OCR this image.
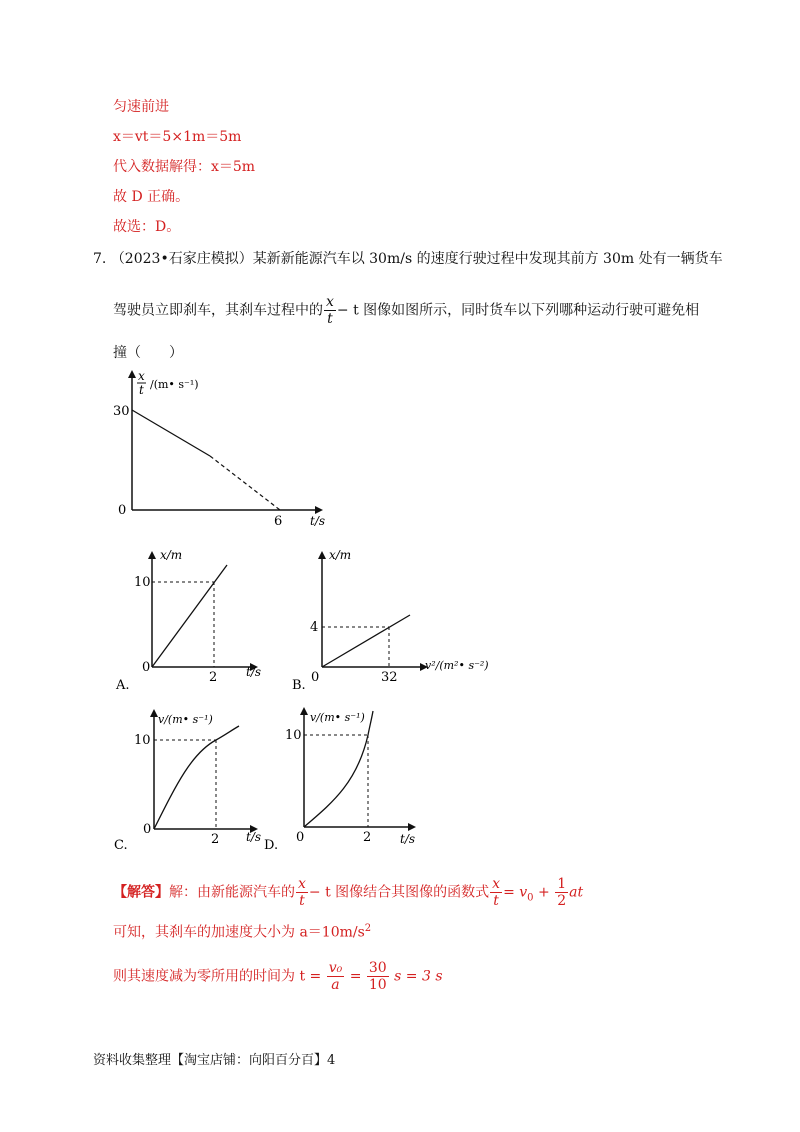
匀速前进
x＝vt＝5×1m＝5m
代入数据解得：x＝5m
故 D 正确。
故选：D。
7. （2023•石家庄模拟）某新新能源汽车以 30m/s 的速度行驶过程中发现其前方 30m 处有一辆货车
驾驶员立即刹车，其刹车过程中的 $\frac{x}{t} - t$ 图像如图所示，同时货车以下列哪种运动行驶可避免相
撞（　　）
x
t /(m• s⁻¹)
30
0
6 t/s
x/m
10
0
2 t/s
A.
x/m
4
0	32
v²/(m²• s⁻²)
B.
v/(m• s⁻¹)
10
0
2 t/s
C.
v/(m• s⁻¹)
10
0	2 t/s
D.
【解答】解：由新能源汽车的 $\frac{x}{t} - t$ 图像结合其图像的函数式 $\frac{x}{t} = v_0 + \frac{1}{2}$ at
可知，其刹车的加速度大小为 $a=10m/s^2$
则其速度减为零所用的时间为 $t = \frac{\text{v₀}}{a} = \frac{30}{10}$ s = 3 s
资料收集整理【淘宝店铺：向阳百分百】4
